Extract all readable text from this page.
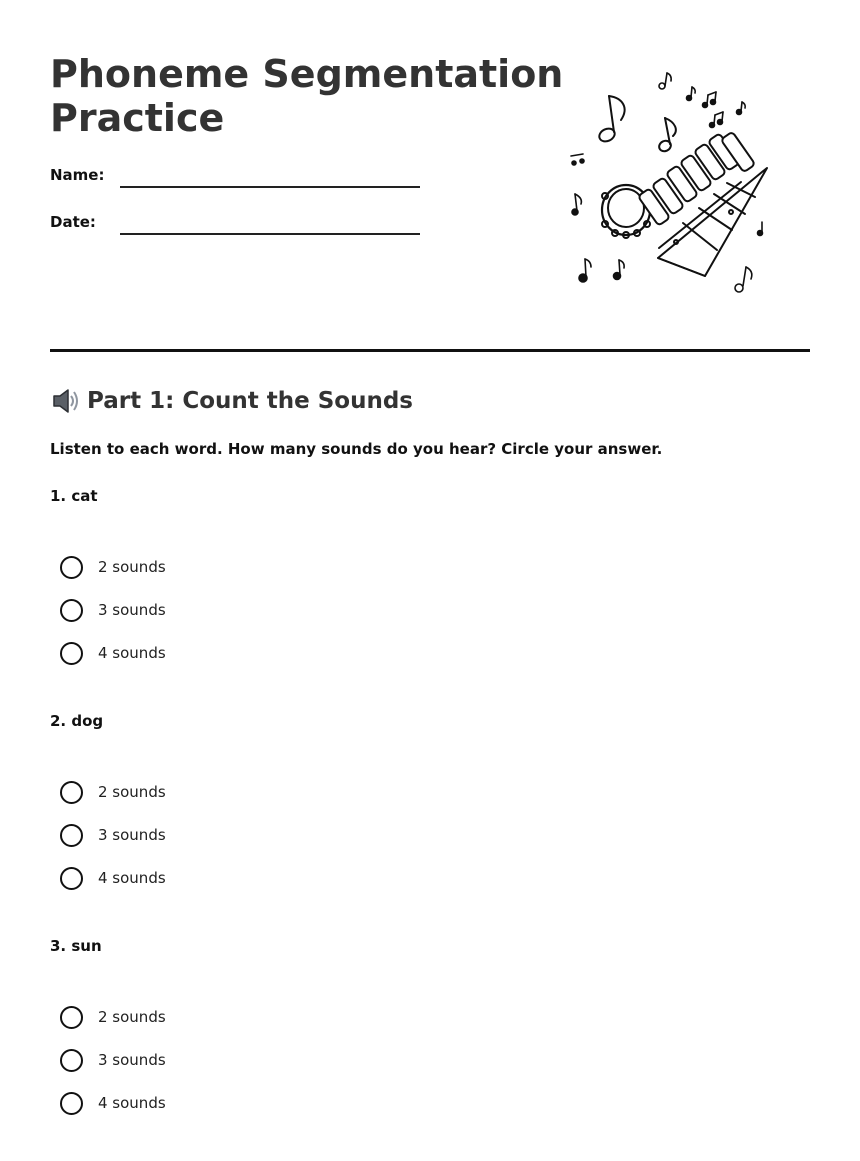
Phoneme Segmentation Practice
Name:
Date:
Part 1: Count the Sounds
Listen to each word. How many sounds do you hear? Circle your answer.
1. cat
2 sounds
3 sounds
4 sounds
2. dog
2 sounds
3 sounds
4 sounds
3. sun
2 sounds
3 sounds
4 sounds
